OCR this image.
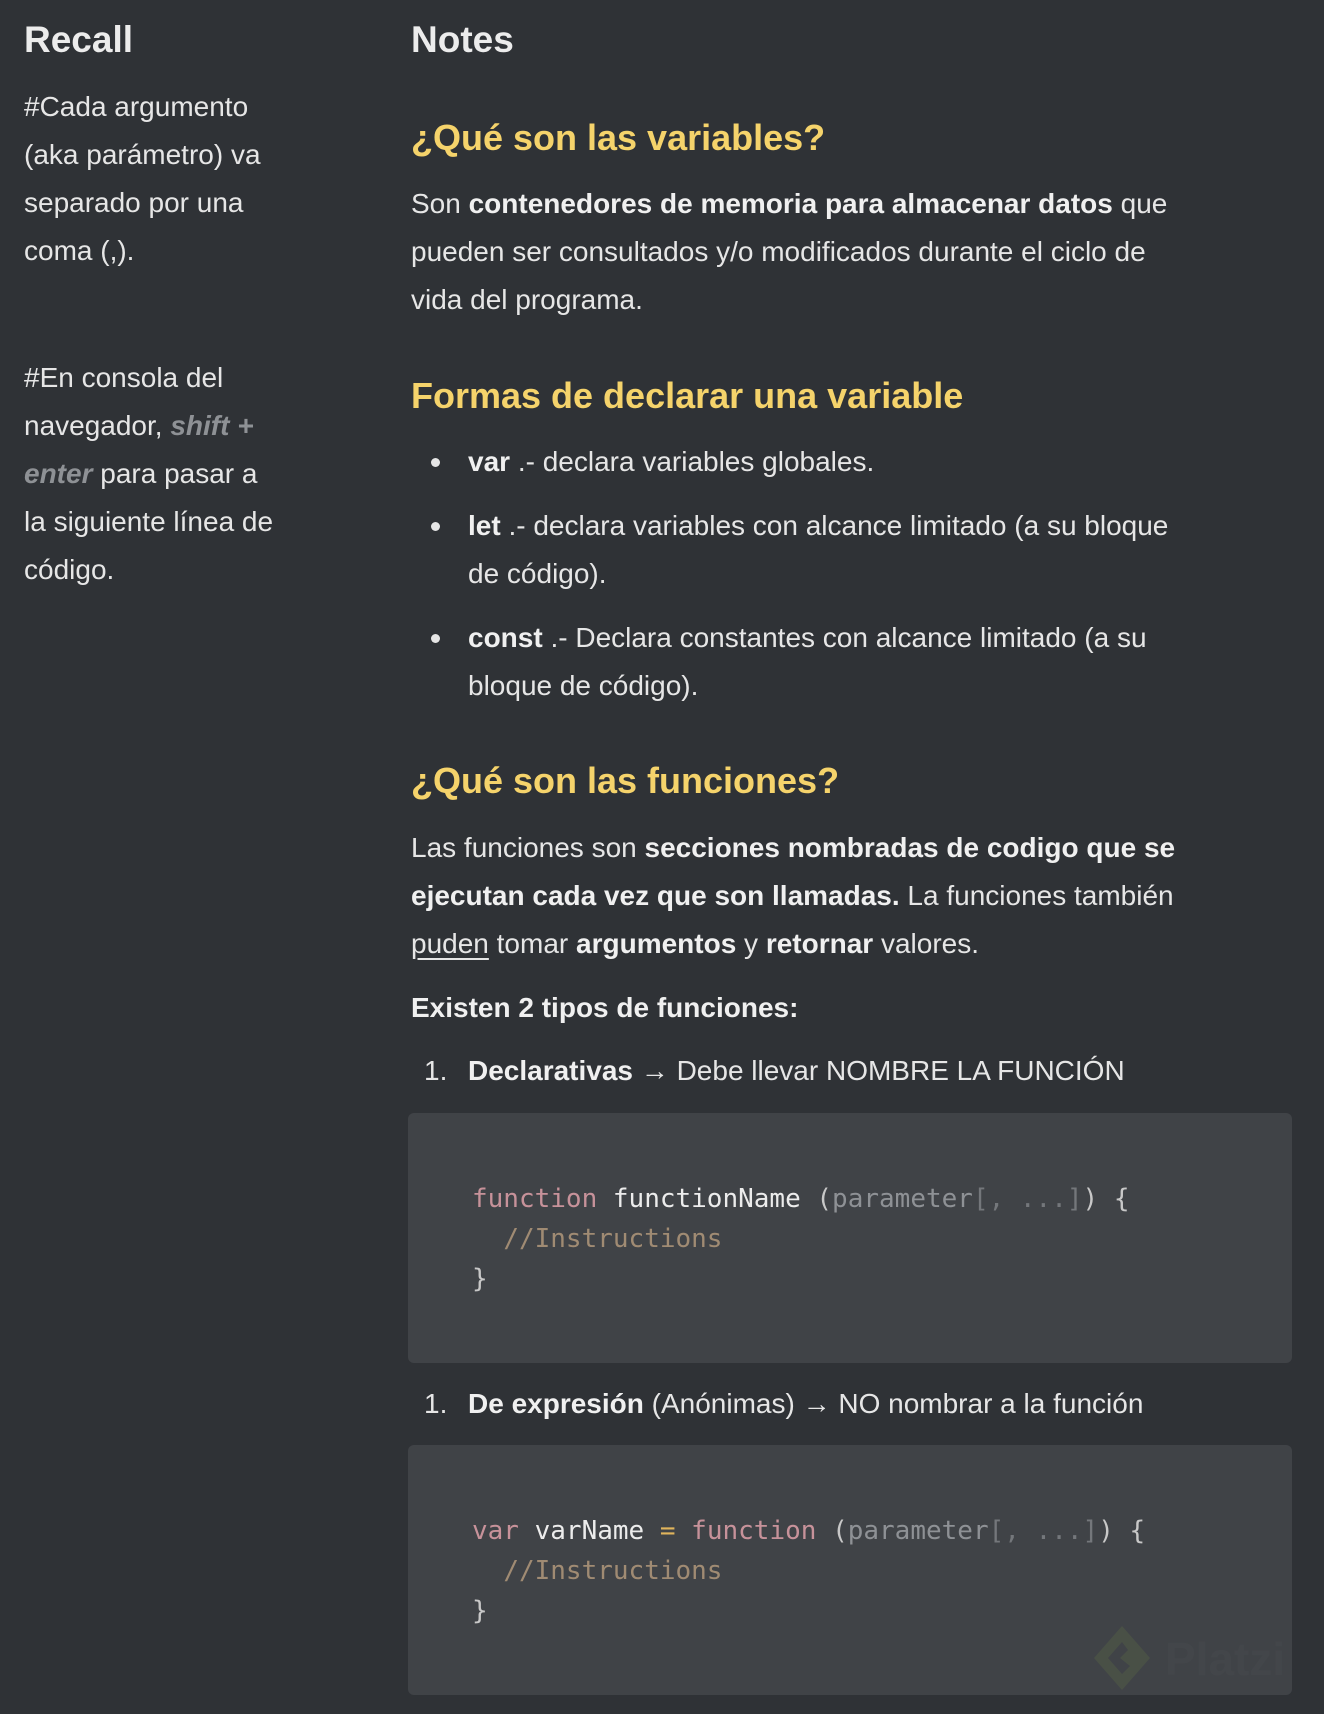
Recall
#Cada argumento
(aka parámetro) va
separado por una
coma (,).
#En consola del
navegador, shift +
enter para pasar a
la siguiente línea de
código.
Notes
¿Qué son las variables?
Son contenedores de memoria para almacenar datos que
pueden ser consultados y/o modificados durante el ciclo de
vida del programa.
Formas de declarar una variable
var .- declara variables globales.
let .- declara variables con alcance limitado (a su bloque
de código).
const .- Declara constantes con alcance limitado (a su
bloque de código).
¿Qué son las funciones?
Las funciones son secciones nombradas de codigo que se
ejecutan cada vez que son llamadas. La funciones también
puden tomar argumentos y retornar valores.
Existen 2 tipos de funciones:
1. Declarativas → Debe llevar NOMBRE LA FUNCIÓN
function functionName (parameter[, ...]) {
//Instructions
}
1. De expresión (Anónimas) → NO nombrar a la función
var varName = function (parameter[, ...]) {
//Instructions
}
Platzi
